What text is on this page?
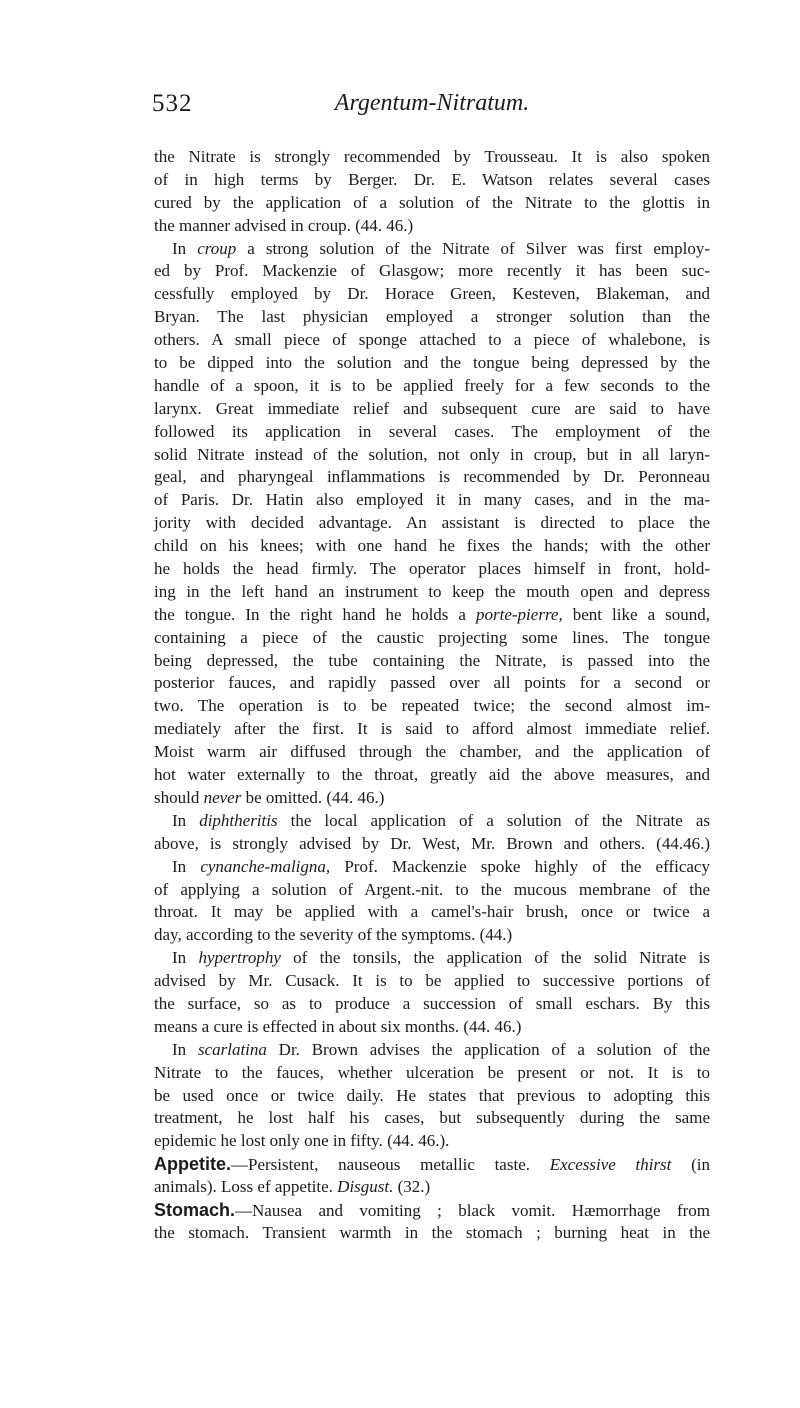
532	Argentum-Nitratum.
the Nitrate is strongly recommended by Trousseau. It is also spoken
of in high terms by Berger. Dr. E. Watson relates several cases
cured by the application of a solution of the Nitrate to the glottis in
the manner advised in croup. (44. 46.)
In croup a strong solution of the Nitrate of Silver was first employ-
ed by Prof. Mackenzie of Glasgow; more recently it has been suc-
cessfully employed by Dr. Horace Green, Kesteven, Blakeman, and
Bryan. The last physician employed a stronger solution than the
others. A small piece of sponge attached to a piece of whalebone, is
to be dipped into the solution and the tongue being depressed by the
handle of a spoon, it is to be applied freely for a few seconds to the
larynx. Great immediate relief and subsequent cure are said to have
followed its application in several cases. The employment of the
solid Nitrate instead of the solution, not only in croup, but in all laryn-
geal, and pharyngeal inflammations is recommended by Dr. Peronneau
of Paris. Dr. Hatin also employed it in many cases, and in the ma-
jority with decided advantage. An assistant is directed to place the
child on his knees; with one hand he fixes the hands; with the other
he holds the head firmly. The operator places himself in front, hold-
ing in the left hand an instrument to keep the mouth open and depress
the tongue. In the right hand he holds a porte-pierre, bent like a sound,
containing a piece of the caustic projecting some lines. The tongue
being depressed, the tube containing the Nitrate, is passed into the
posterior fauces, and rapidly passed over all points for a second or
two. The operation is to be repeated twice; the second almost im-
mediately after the first. It is said to afford almost immediate relief.
Moist warm air diffused through the chamber, and the application of
hot water externally to the throat, greatly aid the above measures, and
should never be omitted. (44. 46.)
In diphtheritis the local application of a solution of the Nitrate as
above, is strongly advised by Dr. West, Mr. Brown and others. (44.46.)
In cynanche-maligna, Prof. Mackenzie spoke highly of the efficacy
of applying a solution of Argent.-nit. to the mucous membrane of the
throat. It may be applied with a camel's-hair brush, once or twice a
day, according to the severity of the symptoms. (44.)
In hypertrophy of the tonsils, the application of the solid Nitrate is
advised by Mr. Cusack. It is to be applied to successive portions of
the surface, so as to produce a succession of small eschars. By this
means a cure is effected in about six months. (44. 46.)
In scarlatina Dr. Brown advises the application of a solution of the
Nitrate to the fauces, whether ulceration be present or not. It is to
be used once or twice daily. He states that previous to adopting this
treatment, he lost half his cases, but subsequently during the same
epidemic he lost only one in fifty. (44. 46.).
Appetite.—Persistent, nauseous metallic taste. Excessive thirst (in
animals). Loss ef appetite. Disgust. (32.)
Stomach.—Nausea and vomiting ; black vomit. Hæmorrhage from
the stomach. Transient warmth in the stomach ; burning heat in the
